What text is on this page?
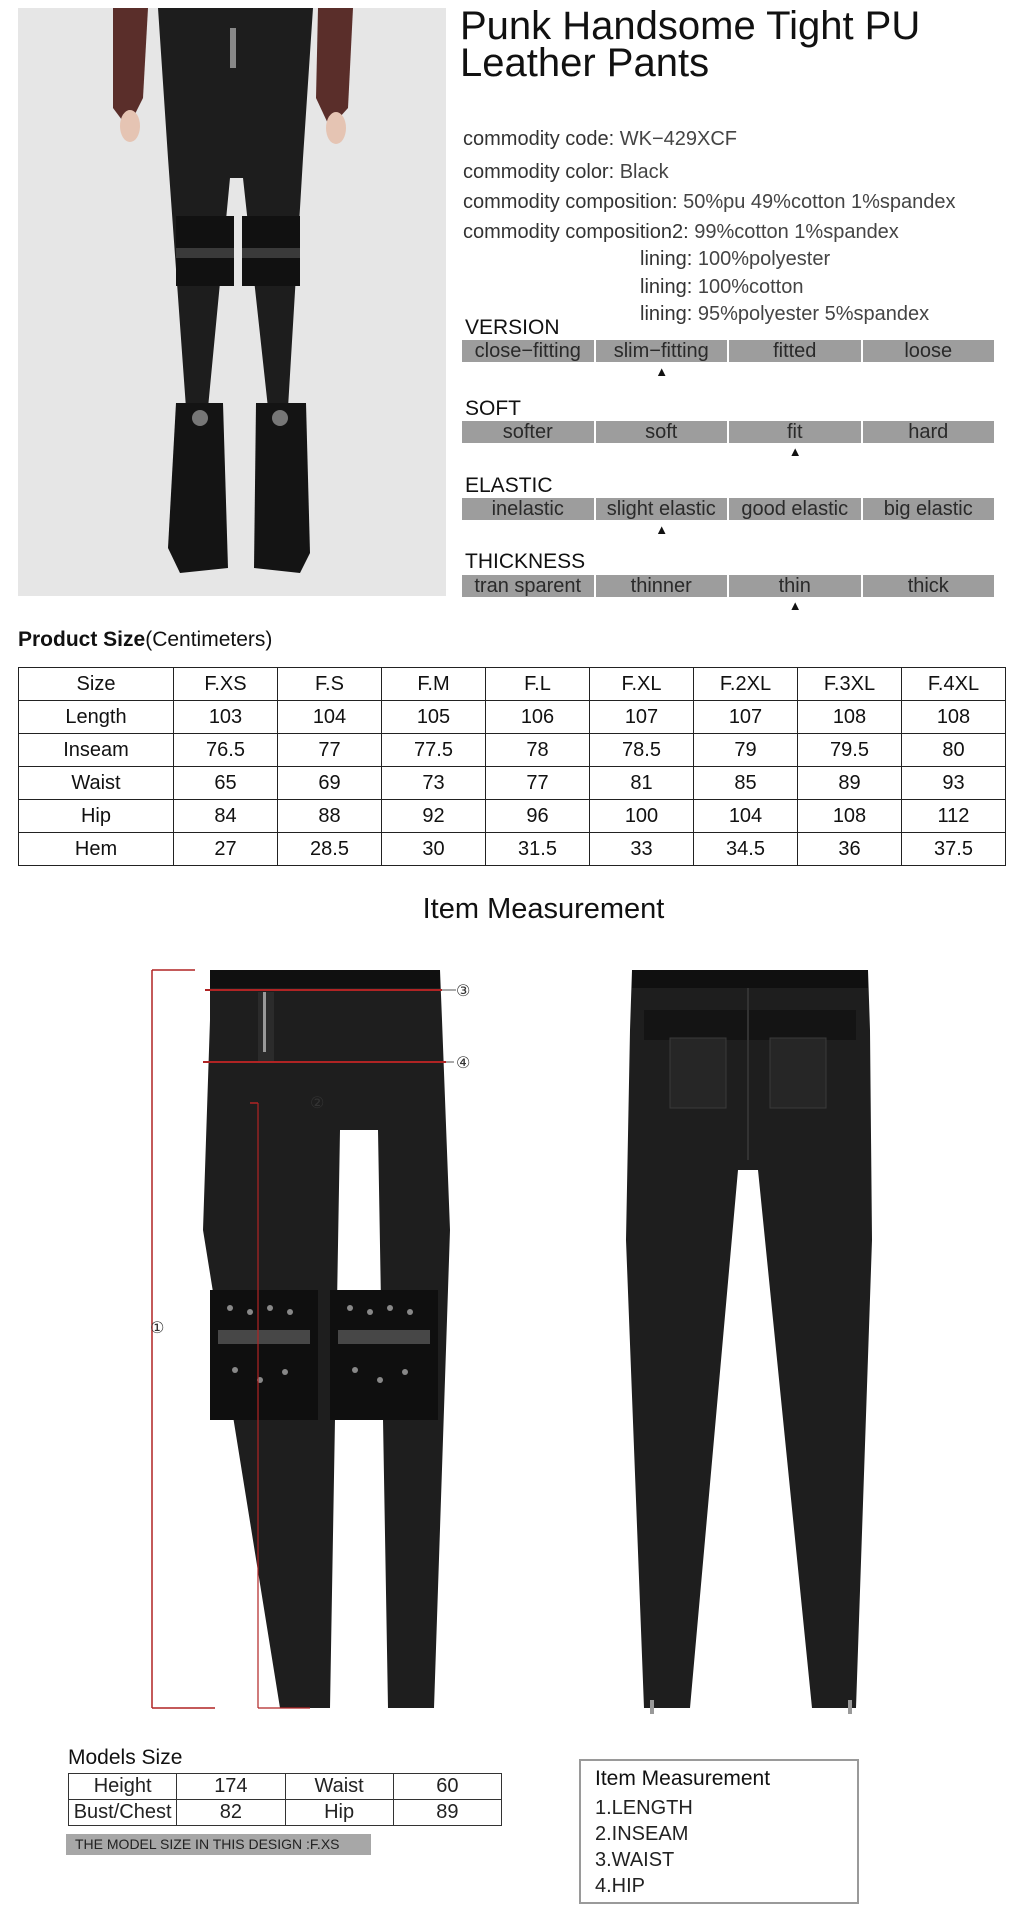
Punk Handsome Tight PU Leather Pants
commodity code: WK−429XCF
commodity color: Black
commodity composition: 50%pu 49%cotton 1%spandex
commodity composition2: 99%cotton 1%spandex
lining: 100%polyester
lining: 100%cotton
lining: 95%polyester 5%spandex
VERSION
close−fitting	slim−fitting	fitted	loose
▲
SOFT
softer	soft	fit	hard
▲
ELASTIC
inelastic	slight elastic	good elastic	big elastic
▲
THICKNESS
tran sparent	thinner	thin	thick
▲
Product Size(Centimeters)
Size	F.XS	F.S	F.M	F.L	F.XL	F.2XL	F.3XL	F.4XL
Length	103	104	105	106	107	107	108	108
Inseam	76.5	77	77.5	78	78.5	79	79.5	80
Waist	65	69	73	77	81	85	89	93
Hip	84	88	92	96	100	104	108	112
Hem	27	28.5	30	31.5	33	34.5	36	37.5
Item Measurement
①
②
③
④
Models Size
Height	174	Waist	60
Bust/Chest	82	Hip	89
THE MODEL SIZE IN THIS DESIGN :F.XS
Item Measurement
1.LENGTH
2.INSEAM
3.WAIST
4.HIP
